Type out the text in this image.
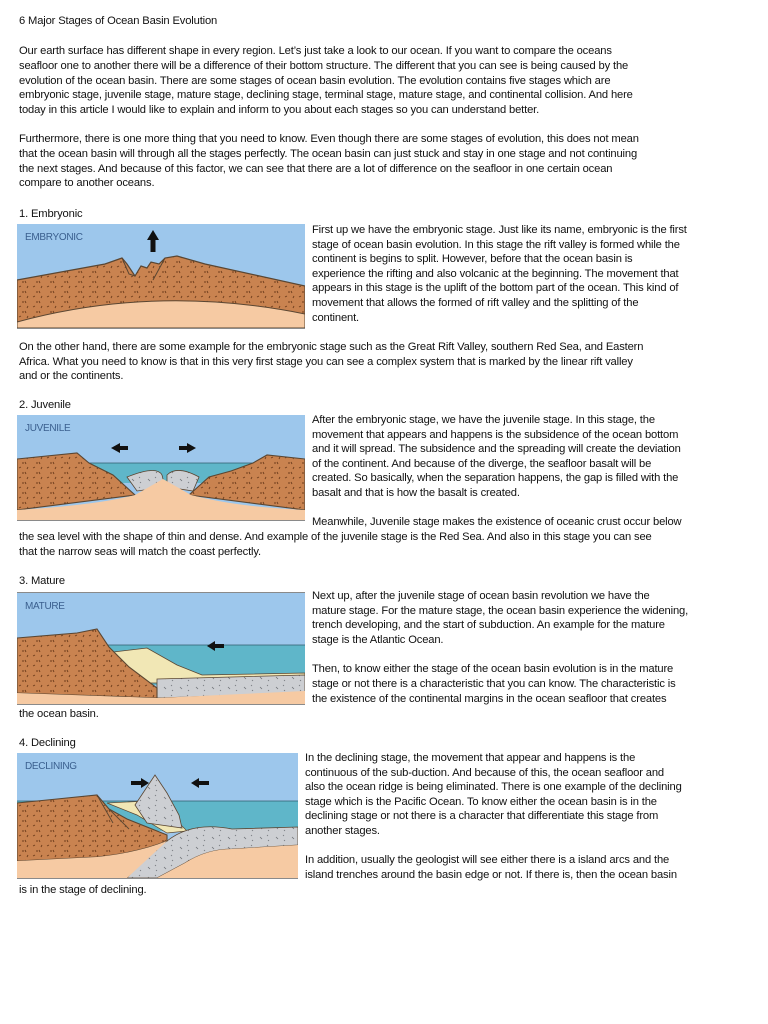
6 Major Stages of Ocean Basin Evolution
Our earth surface has different shape in every region. Let’s just take a look to our ocean. If you want to compare the oceans
seafloor one to another there will be a difference of their bottom structure. The different that you can see is being caused by the
evolution of the ocean basin. There are some stages of ocean basin evolution. The evolution contains five stages which are
embryonic stage, juvenile stage, mature stage, declining stage, terminal stage, mature stage, and continental collision. And here
today in this article I would like to explain and inform to you about each stages so you can understand better.
Furthermore, there is one more thing that you need to know. Even though there are some stages of evolution, this does not mean
that the ocean basin will through all the stages perfectly. The ocean basin can just stuck and stay in one stage and not continuing
the next stages. And because of this factor, we can see that there are a lot of difference on the seafloor in one certain ocean
compare to another oceans.
1. Embryonic
EMBRYONIC
First up we have the embryonic stage. Just like its name, embryonic is the first
stage of ocean basin evolution. In this stage the rift valley is formed while the
continent is begins to split. However, before that the ocean basin is
experience the rifting and also volcanic at the beginning. The movement that
appears in this stage is the uplift of the bottom part of the ocean. This kind of
movement that allows the formed of rift valley and the splitting of the
continent.
On the other hand, there are some example for the embryonic stage such as the Great Rift Valley, southern Red Sea, and Eastern
Africa. What you need to know is that in this very first stage you can see a complex system that is marked by the linear rift valley
and or the continents.
2. Juvenile
JUVENILE
After the embryonic stage, we have the juvenile stage. In this stage, the
movement that appears and happens is the subsidence of the ocean bottom
and it will spread. The subsidence and the spreading will create the deviation
of the continent. And because of the diverge, the seafloor basalt will be
created. So basically, when the separation happens, the gap is filled with the
basalt and that is how the basalt is created.
Meanwhile, Juvenile stage makes the existence of oceanic crust occur below
the sea level with the shape of thin and dense. And example of the juvenile stage is the Red Sea. And also in this stage you can see
that the narrow seas will match the coast perfectly.
3. Mature
MATURE
Next up, after the juvenile stage of ocean basin revolution we have the
mature stage. For the mature stage, the ocean basin experience the widening,
trench developing, and the start of subduction. An example for the mature
stage is the Atlantic Ocean.
Then, to know either the stage of the ocean basin evolution is in the mature
stage or not there is a characteristic that you can know. The characteristic is
the existence of the continental margins in the ocean seafloor that creates
the ocean basin.
4. Declining
DECLINING
In the declining stage, the movement that appear and happens is the
continuous of the sub-duction. And because of this, the ocean seafloor and
also the ocean ridge is being eliminated. There is one example of the declining
stage which is the Pacific Ocean. To know either the ocean basin is in the
declining stage or not there is a character that differentiate this stage from
another stages.
In addition, usually the geologist will see either there is a island arcs and the
island trenches around the basin edge or not. If there is, then the ocean basin
is in the stage of declining.
